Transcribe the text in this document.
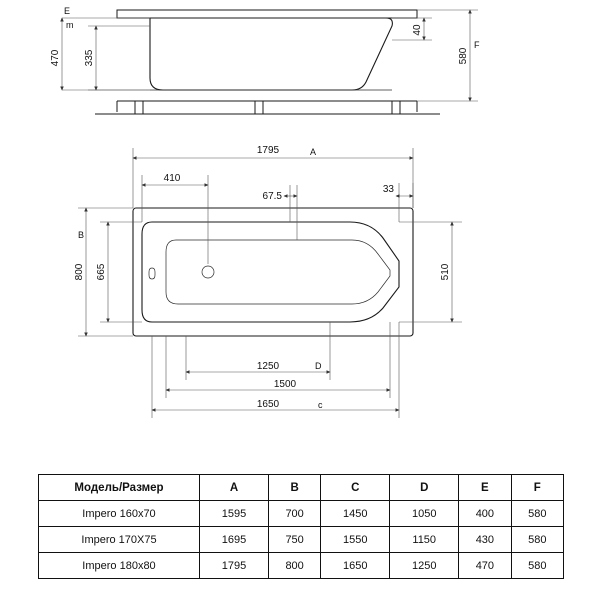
470
m
335
40
580
E
F
1795	A
410
67.5
33
800 665
B
510
1250	D
1500
1650	c
Модель/Размер	A	B	C	D	E	F
Impero 160x70	1595	700	1450	1050	400	580
Impero 170X75	1695	750	1550	1150	430	580
Impero 180x80	1795	800	1650	1250	470	580
